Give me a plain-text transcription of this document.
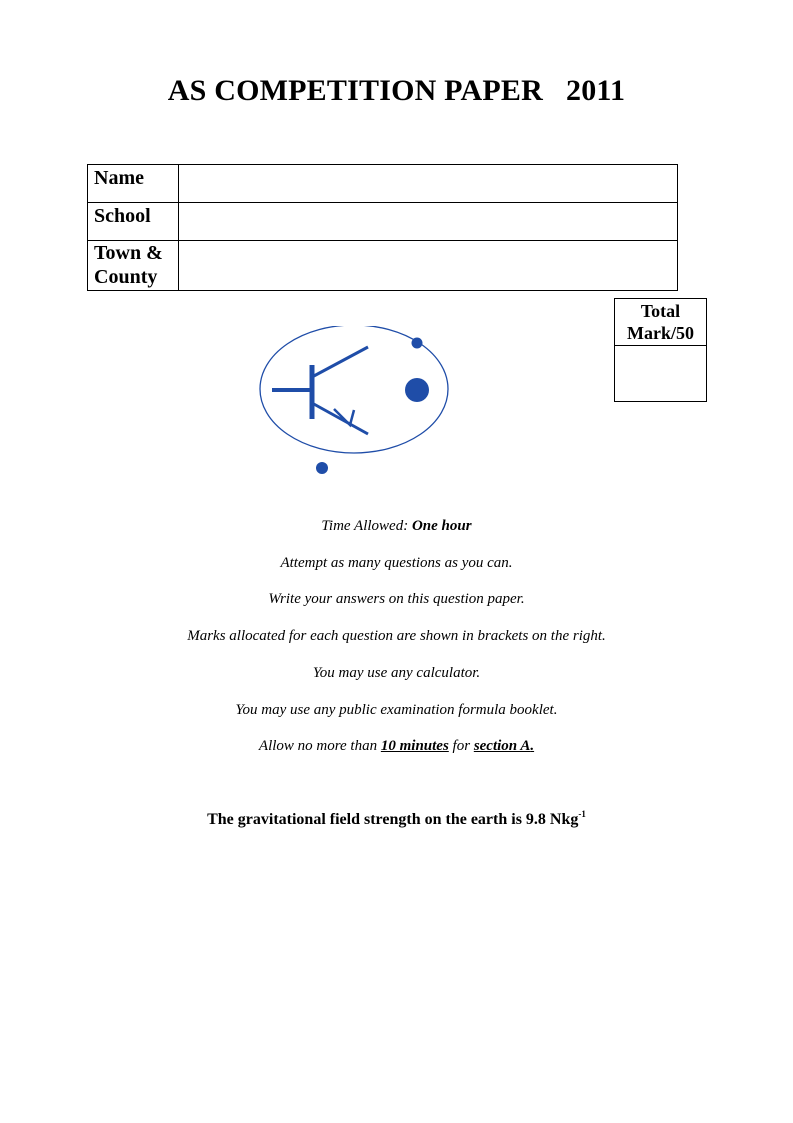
AS COMPETITION PAPER   2011
Name	
School	
Town &
County	
Total
Mark/50

Time Allowed: One hour
Attempt as many questions as you can.
Write your answers on this question paper.
Marks allocated for each question are shown in brackets on the right.
You may use any calculator.
You may use any public examination formula booklet.
Allow no more than 10 minutes for section A.
The gravitational field strength on the earth is 9.8 Nkg$^{-1}$
